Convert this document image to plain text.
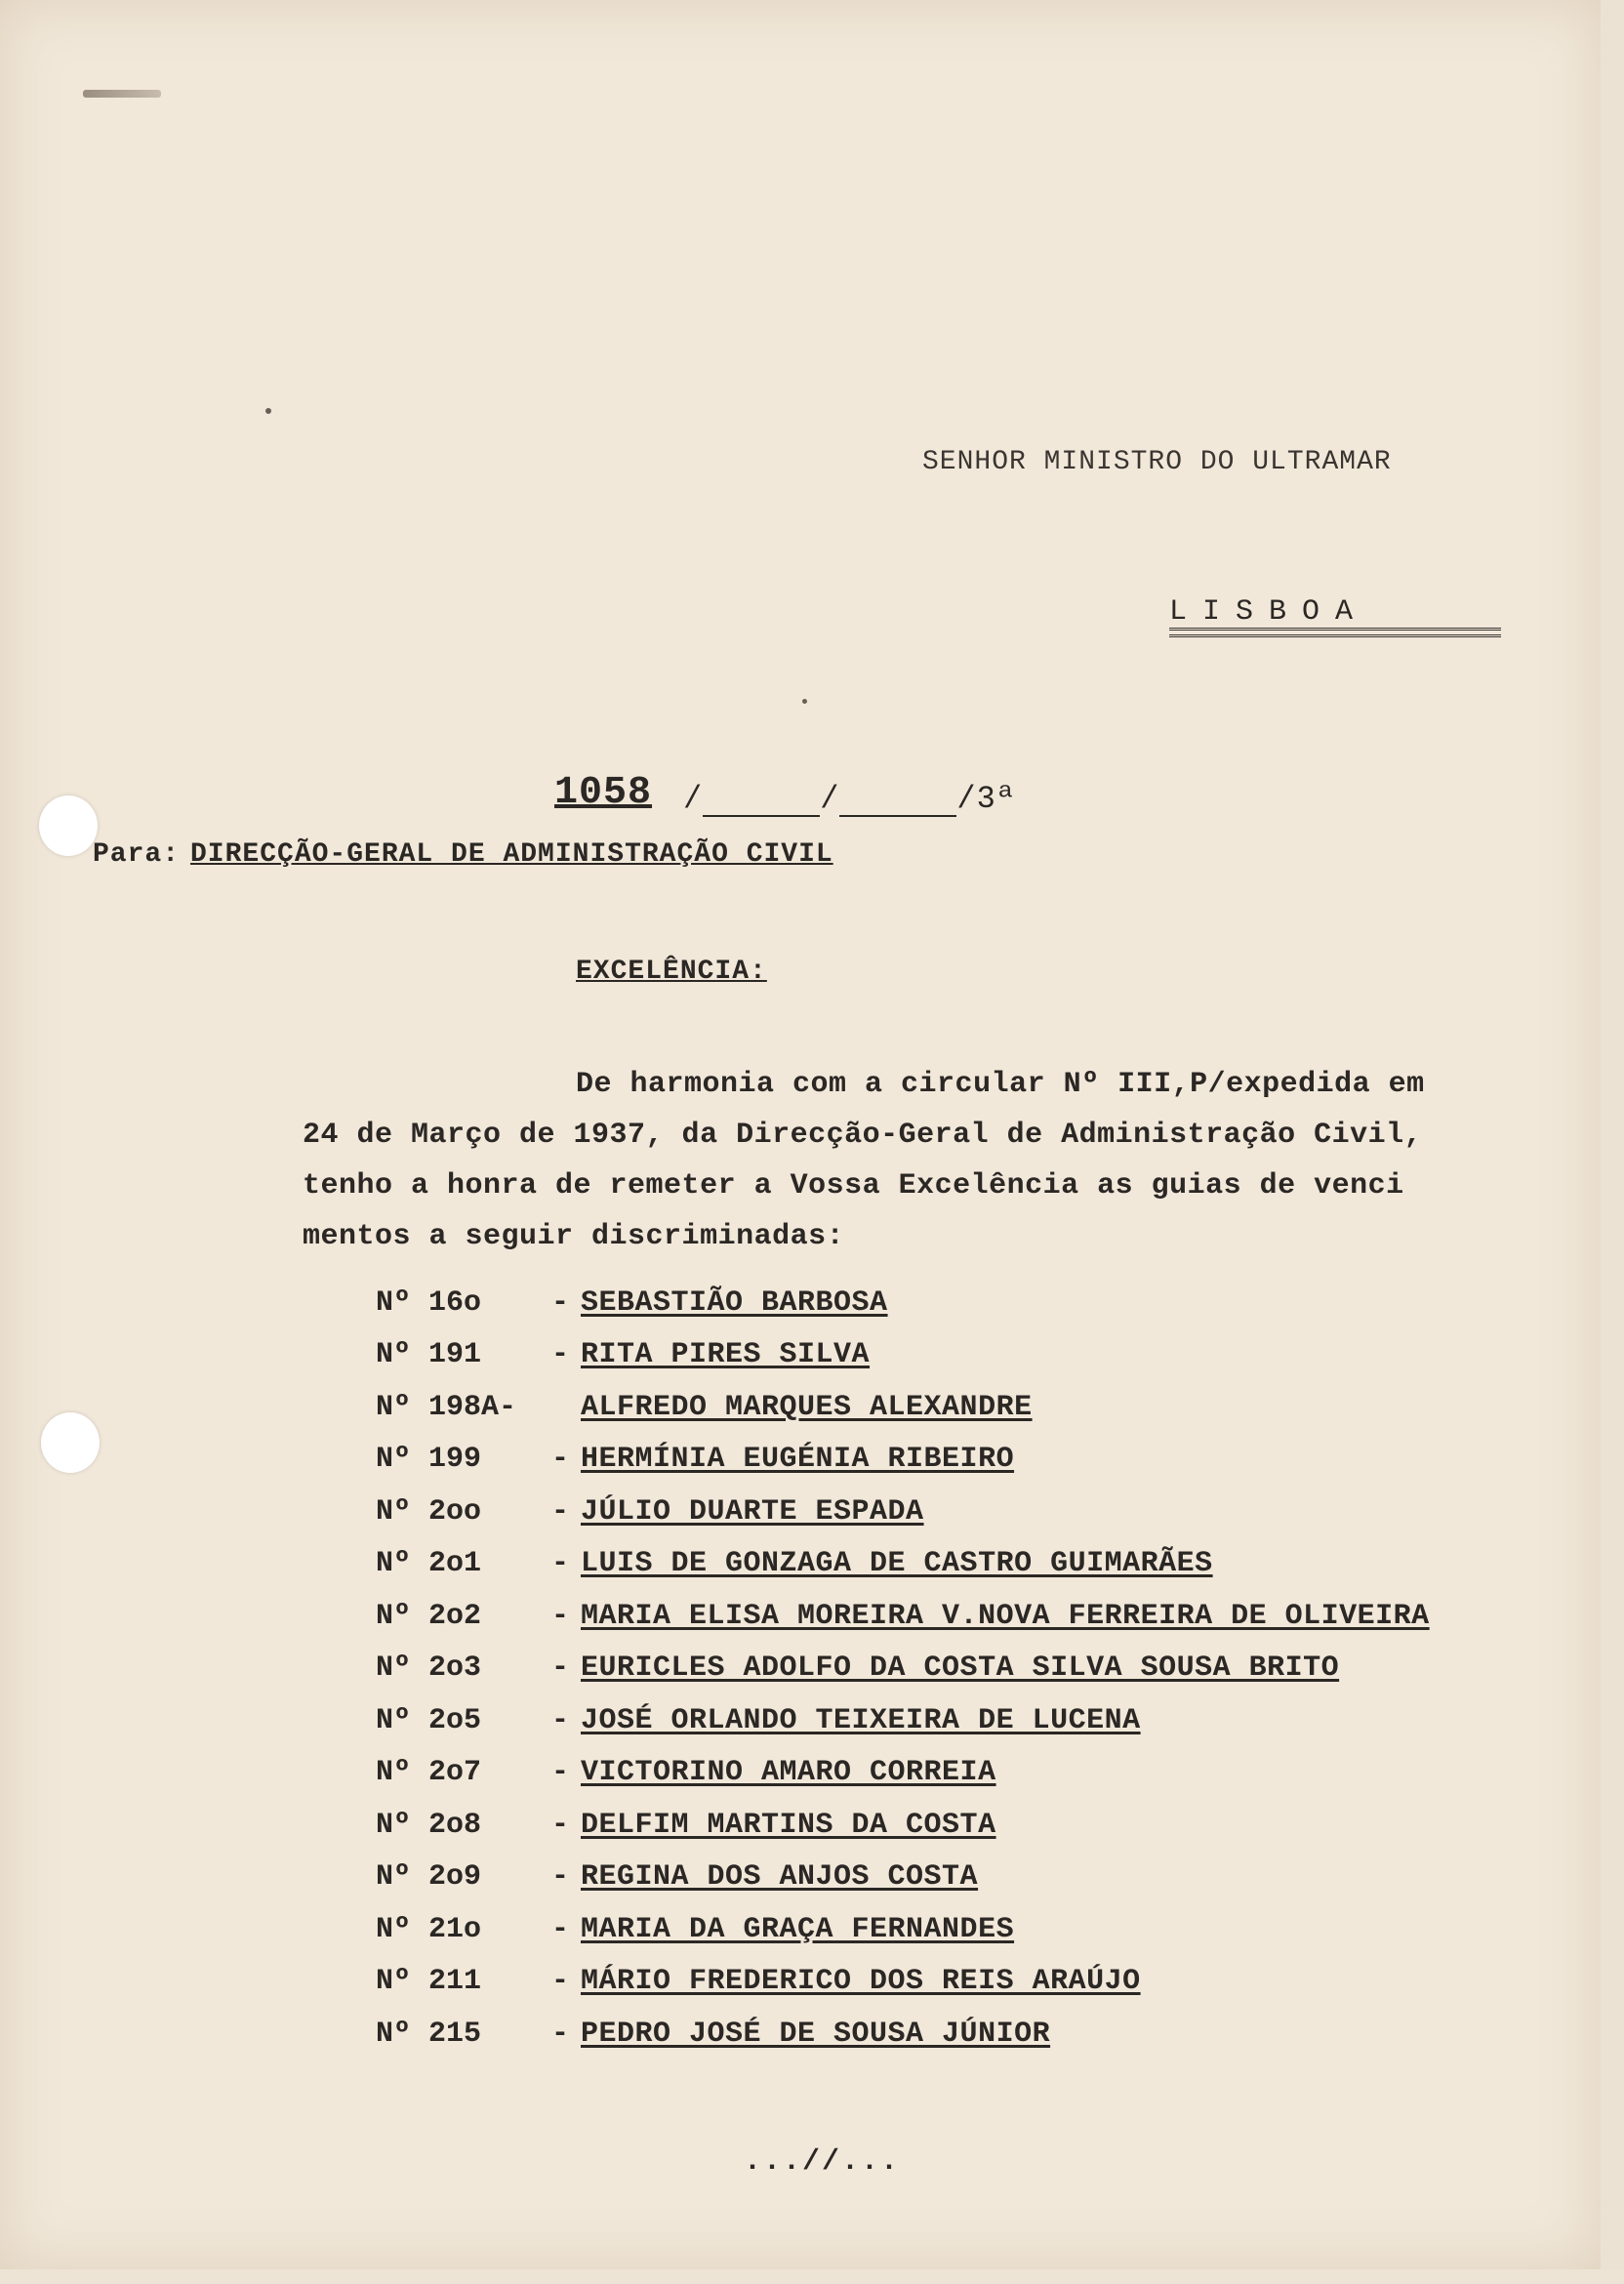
SENHOR MINISTRO DO ULTRAMAR
LISBOA
1058 /	/	/3ª
Para: DIRECÇÃO-GERAL DE ADMINISTRAÇÃO CIVIL
EXCELÊNCIA:
De harmonia com a circular Nº III,P/expedida em
24 de Março de 1937, da Direcção-Geral de Administração Civil,
tenho a honra de remeter a Vossa Excelência as guias de venci
mentos a seguir discriminadas:
Nº 16o	- SEBASTIÃO BARBOSA
Nº 191	- RITA PIRES SILVA
Nº 198A-	ALFREDO MARQUES ALEXANDRE
Nº 199	- HERMÍNIA EUGÉNIA RIBEIRO
Nº 2oo	- JÚLIO DUARTE ESPADA
Nº 2o1	- LUIS DE GONZAGA DE CASTRO GUIMARÃES
Nº 2o2	- MARIA ELISA MOREIRA V.NOVA FERREIRA DE OLIVEIRA
Nº 2o3	- EURICLES ADOLFO DA COSTA SILVA SOUSA BRITO
Nº 2o5	- JOSÉ ORLANDO TEIXEIRA DE LUCENA
Nº 2o7	- VICTORINO AMARO CORREIA
Nº 2o8	- DELFIM MARTINS DA COSTA
Nº 2o9	- REGINA DOS ANJOS COSTA
Nº 21o	- MARIA DA GRAÇA FERNANDES
Nº 211	- MÁRIO FREDERICO DOS REIS ARAÚJO
Nº 215	- PEDRO JOSÉ DE SOUSA JÚNIOR
...//...
